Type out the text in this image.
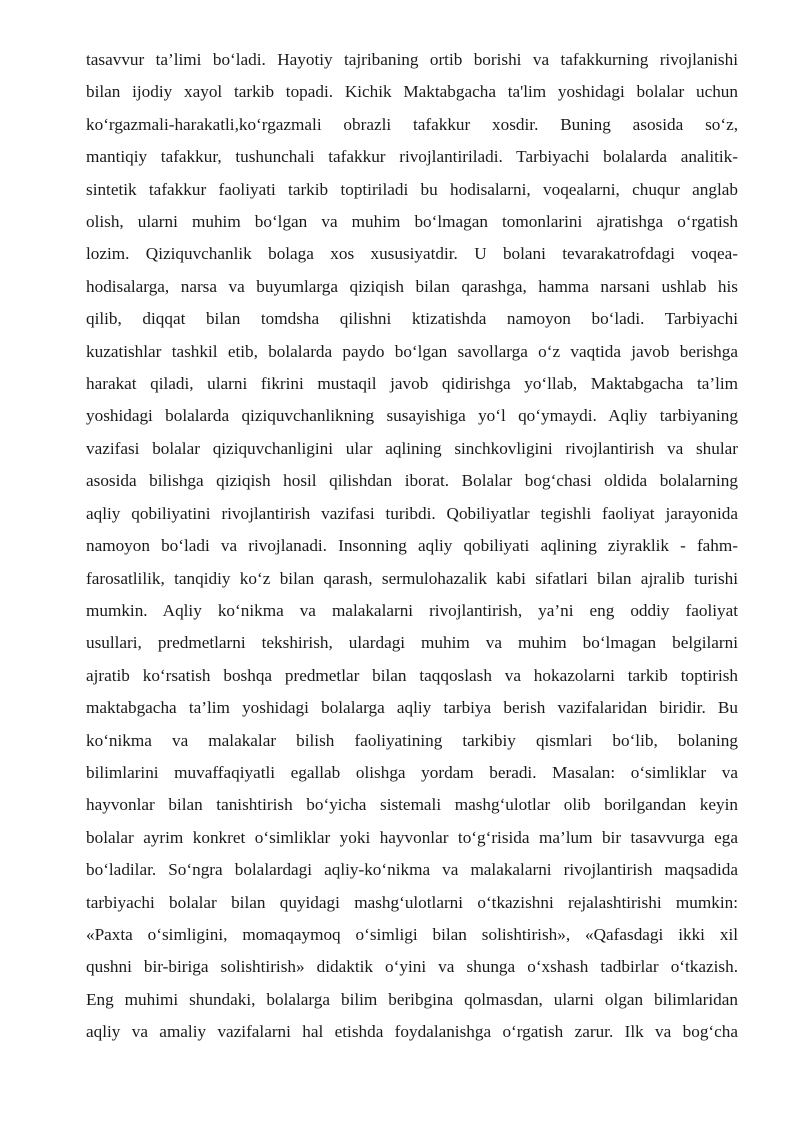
tasavvur ta’limi bo‘ladi. Hayotiy tajribaning ortib borishi va tafakkurning rivojlanishi
bilan ijodiy xayol tarkib topadi. Kichik Maktabgacha ta'lim yoshidagi bolalar uchun
ko‘rgazmali-harakatli,ko‘rgazmali obrazli tafakkur xosdir. Buning asosida so‘z,
mantiqiy tafakkur, tushunchali tafakkur rivojlantiriladi. Tarbiyachi bolalarda analitik-
sintetik tafakkur faoliyati tarkib toptiriladi bu hodisalarni, voqealarni, chuqur anglab
olish, ularni muhim bo‘lgan va muhim bo‘lmagan tomonlarini ajratishga o‘rgatish
lozim. Qiziquvchanlik bolaga xos xususiyatdir. U bolani tevarakatrofdagi voqea-
hodisalarga, narsa va buyumlarga qiziqish bilan qarashga, hamma narsani ushlab his
qilib, diqqat bilan tomdsha qilishni ktizatishda namoyon bo‘ladi. Tarbiyachi
kuzatishlar tashkil etib, bolalarda paydo bo‘lgan savollarga o‘z vaqtida javob berishga
harakat qiladi, ularni fikrini mustaqil javob qidirishga yo‘llab, Maktabgacha ta’lim
yoshidagi bolalarda qiziquvchanlikning susayishiga yo‘l qo‘ymaydi. Aqliy tarbiyaning
vazifasi bolalar qiziquvchanligini ular aqlining sinchkovligini rivojlantirish va shular
asosida bilishga qiziqish hosil qilishdan iborat. Bolalar bog‘chasi oldida bolalarning
aqliy qobiliyatini rivojlantirish vazifasi turibdi. Qobiliyatlar tegishli faoliyat jarayonida
namoyon bo‘ladi va rivojlanadi. Insonning aqliy qobiliyati aqlining ziyraklik - fahm-
farosatlilik, tanqidiy ko‘z bilan qarash, sermulohazalik kabi sifatlari bilan ajralib turishi
mumkin. Aqliy ko‘nikma va malakalarni rivojlantirish, ya’ni eng oddiy faoliyat
usullari, predmetlarni tekshirish, ulardagi muhim va muhim bo‘lmagan belgilarni
ajratib ko‘rsatish boshqa predmetlar bilan taqqoslash va hokazolarni tarkib toptirish
maktabgacha ta’lim yoshidagi bolalarga aqliy tarbiya berish vazifalaridan biridir. Bu
ko‘nikma va malakalar bilish faoliyatining tarkibiy qismlari bo‘lib, bolaning
bilimlarini muvaffaqiyatli egallab olishga yordam beradi. Masalan: o‘simliklar va
hayvonlar bilan tanishtirish bo‘yicha sistemali mashg‘ulotlar olib borilgandan keyin
bolalar ayrim konkret o‘simliklar yoki hayvonlar to‘g‘risida ma’lum bir tasavvurga ega
bo‘ladilar. So‘ngra bolalardagi aqliy-ko‘nikma va malakalarni rivojlantirish maqsadida
tarbiyachi bolalar bilan quyidagi mashg‘ulotlarni o‘tkazishni rejalashtirishi mumkin:
«Paxta o‘simligini, momaqaymoq o‘simligi bilan solishtirish», «Qafasdagi ikki xil
qushni bir-biriga solishtirish» didaktik o‘yini va shunga o‘xshash tadbirlar o‘tkazish.
Eng muhimi shundaki, bolalarga bilim beribgina qolmasdan, ularni olgan bilimlaridan
aqliy va amaliy vazifalarni hal etishda foydalanishga o‘rgatish zarur. Ilk va bog‘cha
